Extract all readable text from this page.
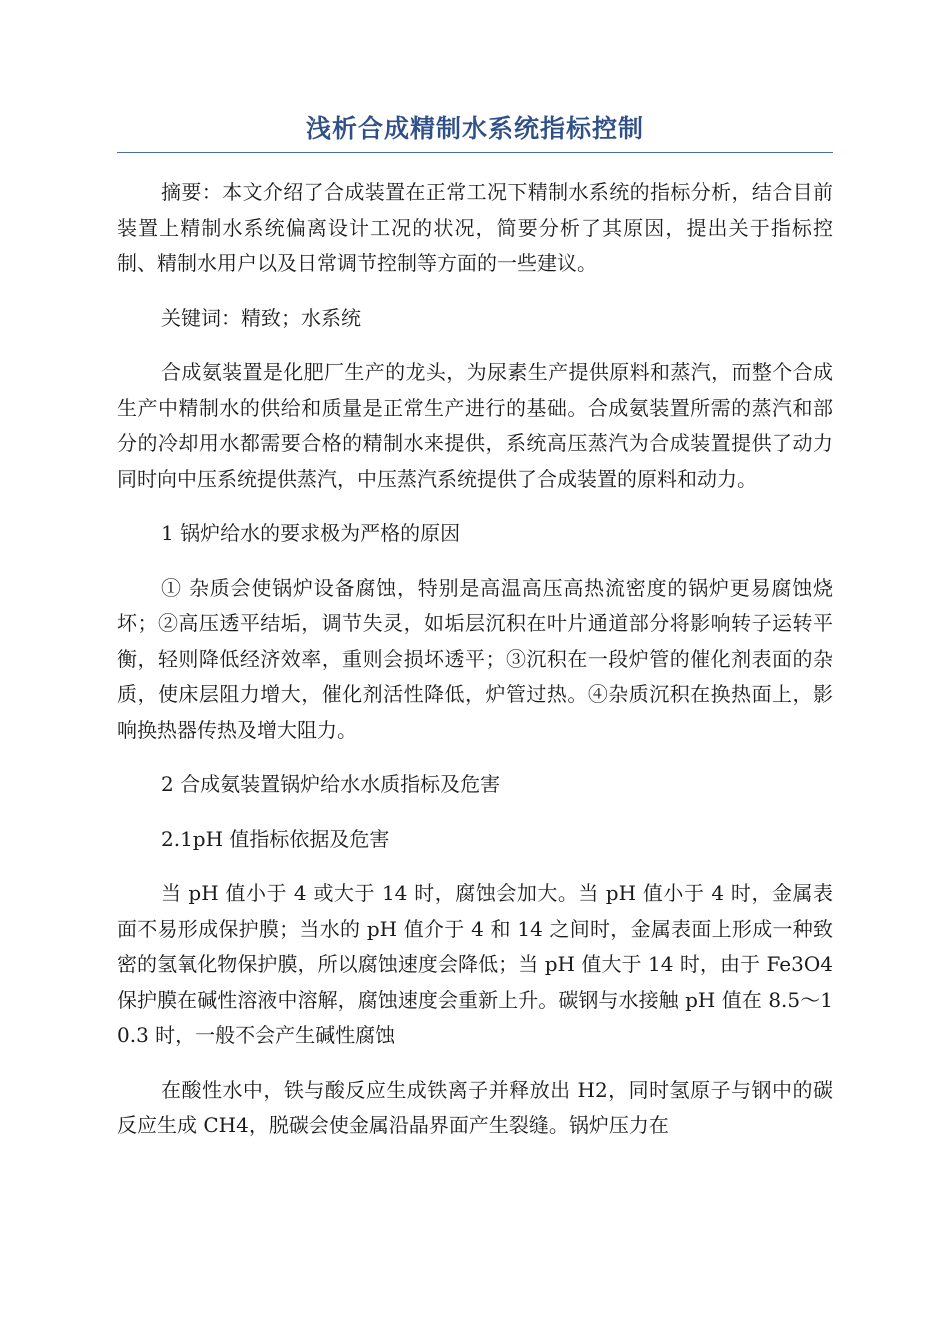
浅析合成精制水系统指标控制

摘要：本文介绍了合成装置在正常工况下精制水系统的指标分析，结合目前装置上精制水系统偏离设计工况的状况，简要分析了其原因，提出关于指标控制、精制水用户以及日常调节控制等方面的一些建议。

关键词：精致；水系统

合成氨装置是化肥厂生产的龙头，为尿素生产提供原料和蒸汽，而整个合成生产中精制水的供给和质量是正常生产进行的基础。合成氨装置所需的蒸汽和部分的冷却用水都需要合格的精制水来提供，系统高压蒸汽为合成装置提供了动力同时向中压系统提供蒸汽，中压蒸汽系统提供了合成装置的原料和动力。

1 锅炉给水的要求极为严格的原因

① 杂质会使锅炉设备腐蚀，特别是高温高压高热流密度的锅炉更易腐蚀烧坏；②高压透平结垢，调节失灵，如垢层沉积在叶片通道部分将影响转子运转平衡，轻则降低经济效率，重则会损坏透平；③沉积在一段炉管的催化剂表面的杂质，使床层阻力增大，催化剂活性降低，炉管过热。④杂质沉积在换热面上，影响换热器传热及增大阻力。

2 合成氨装置锅炉给水水质指标及危害

2.1pH 值指标依据及危害

当 pH 值小于 4 或大于 14 时，腐蚀会加大。当 pH 值小于 4 时，金属表面不易形成保护膜；当水的 pH 值介于 4 和 14 之间时，金属表面上形成一种致密的氢氧化物保护膜，所以腐蚀速度会降低；当 pH 值大于 14 时，由于 Fe3O4 保护膜在碱性溶液中溶解，腐蚀速度会重新上升。碳钢与水接触 pH 值在 8.5～10.3 时，一般不会产生碱性腐蚀

在酸性水中，铁与酸反应生成铁离子并释放出 H2，同时氢原子与钢中的碳反应生成 CH4，脱碳会使金属沿晶界面产生裂缝。锅炉压力在
